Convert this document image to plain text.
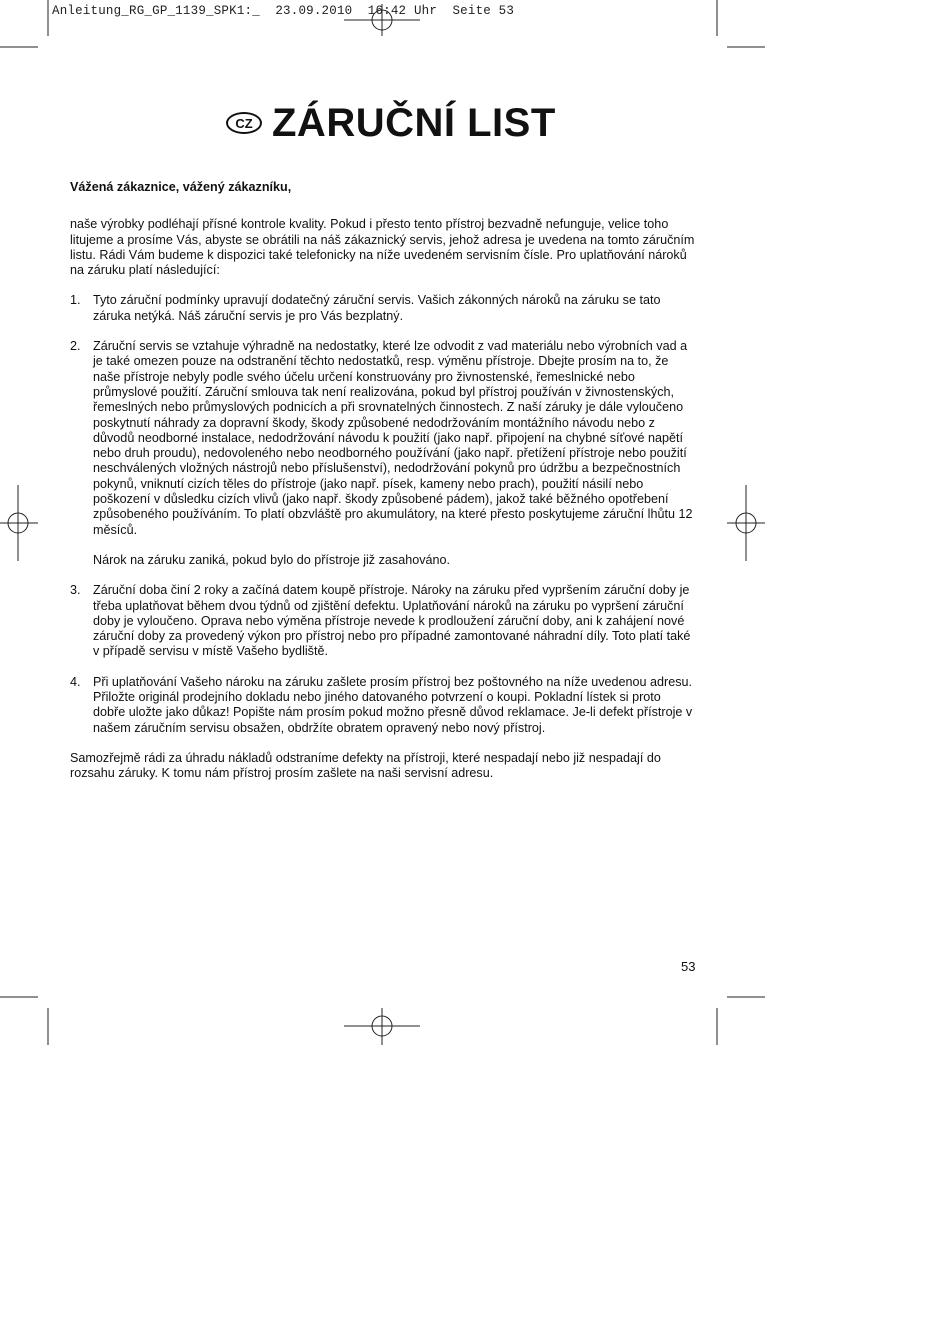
Anleitung_RG_GP_1139_SPK1:_  23.09.2010  16:42 Uhr  Seite 53
CZ ZÁRUČNÍ LIST

Vážená zákaznice, vážený zákazníku,

naše výrobky podléhají přísné kontrole kvality. Pokud i přesto tento přístroj bezvadně nefunguje, velice toho litujeme a prosíme Vás, abyste se obrátili na náš zákaznický servis, jehož adresa je uvedena na tomto záručním listu. Rádi Vám budeme k dispozici také telefonicky na níže uvedeném servisním čísle. Pro uplatňování nároků na záruku platí následující:

1. Tyto záruční podmínky upravují dodatečný záruční servis. Vašich zákonných nároků na záruku se tato záruka netýká. Náš záruční servis je pro Vás bezplatný.

2. Záruční servis se vztahuje výhradně na nedostatky, které lze odvodit z vad materiálu nebo výrobních vad a je také omezen pouze na odstranění těchto nedostatků, resp. výměnu přístroje. Dbejte prosím na to, že naše přístroje nebyly podle svého účelu určení konstruovány pro živnostenské, řemeslnické nebo průmyslové použití. Záruční smlouva tak není realizována, pokud byl přístroj používán v živnostenských, řemeslných nebo průmyslových podnicích a při srovnatelných činnostech. Z naší záruky je dále vyloučeno poskytnutí náhrady za dopravní škody, škody způsobené nedodržováním montážního návodu nebo z důvodů neodborné instalace, nedodržování návodu k použití (jako např. připojení na chybné síťové napětí nebo druh proudu), nedovoleného nebo neodborného používání (jako např. přetížení přístroje nebo použití neschválených vložných nástrojů nebo příslušenství), nedodržování pokynů pro údržbu a bezpečnostních pokynů, vniknutí cizích těles do přístroje (jako např. písek, kameny nebo prach), použití násilí nebo poškození v důsledku cizích vlivů (jako např. škody způsobené pádem), jakož také běžného opotřebení způsobeného používáním. To platí obzvláště pro akumulátory, na které přesto poskytujeme záruční lhůtu 12 měsíců.

Nárok na záruku zaniká, pokud bylo do přístroje již zasahováno.

3. Záruční doba činí 2 roky a začíná datem koupě přístroje. Nároky na záruku před vypršením záruční doby je třeba uplatňovat během dvou týdnů od zjištění defektu. Uplatňování nároků na záruku po vypršení záruční doby je vyloučeno. Oprava nebo výměna přístroje nevede k prodloužení záruční doby, ani k zahájení nové záruční doby za provedený výkon pro přístroj nebo pro případné zamontované náhradní díly. Toto platí také v případě servisu v místě Vašeho bydliště.

4. Při uplatňování Vašeho nároku na záruku zašlete prosím přístroj bez poštovného na níže uvedenou adresu. Přiložte originál prodejního dokladu nebo jiného datovaného potvrzení o koupi. Pokladní lístek si proto dobře uložte jako důkaz! Popište nám prosím pokud možno přesně důvod reklamace. Je-li defekt přístroje v našem záručním servisu obsažen, obdržíte obratem opravený nebo nový přístroj.

Samozřejmě rádi za úhradu nákladů odstraníme defekty na přístroji, které nespadají nebo již nespadají do rozsahu záruky. K tomu nám přístroj prosím zašlete na naši servisní adresu.

53
